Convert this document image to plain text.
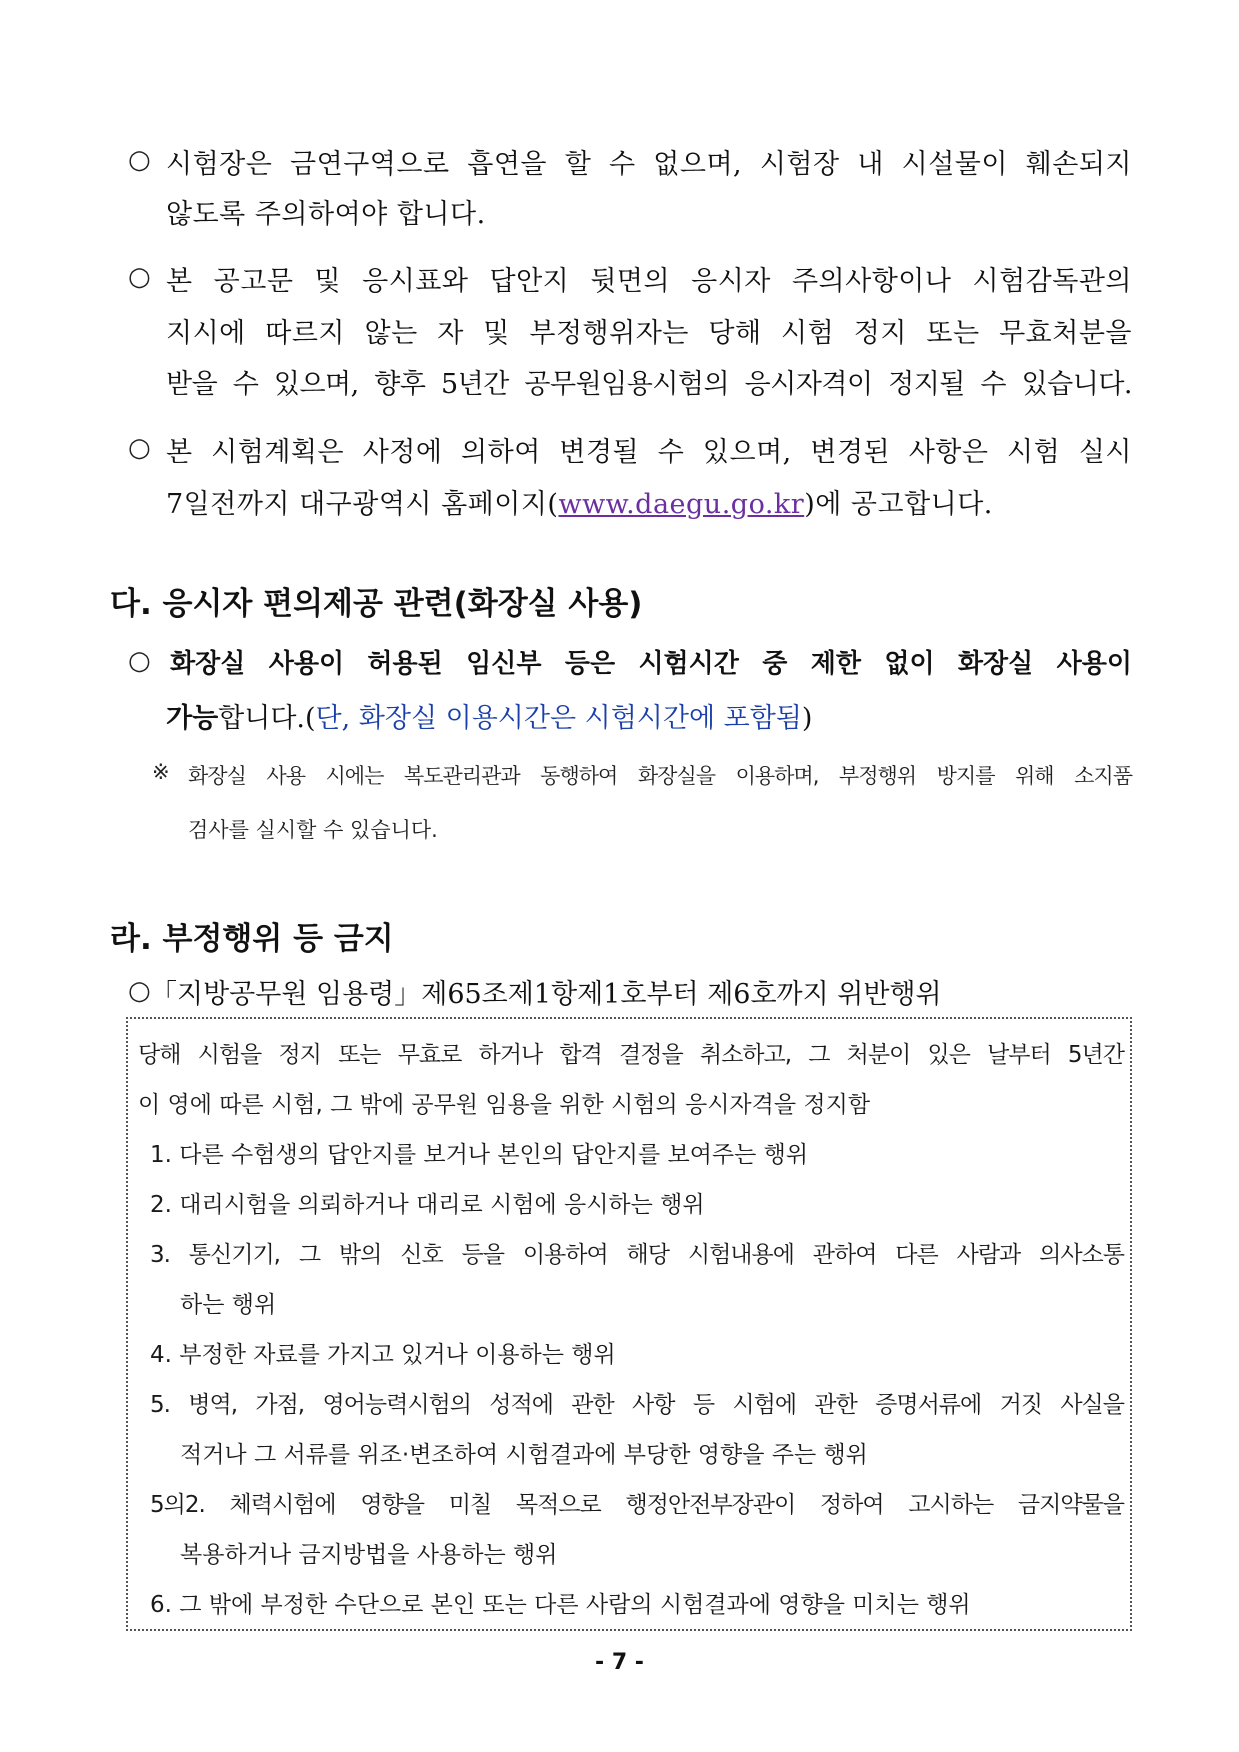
○ 시험장은 금연구역으로 흡연을 할 수 없으며, 시험장 내 시설물이 훼손되지
않도록 주의하여야 합니다.
○ 본 공고문 및 응시표와 답안지 뒷면의 응시자 주의사항이나 시험감독관의
지시에 따르지 않는 자 및 부정행위자는 당해 시험 정지 또는 무효처분을
받을 수 있으며, 향후 5년간 공무원임용시험의 응시자격이 정지될 수 있습니다.
○ 본 시험계획은 사정에 의하여 변경될 수 있으며, 변경된 사항은 시험 실시
7일전까지 대구광역시 홈페이지(www.daegu.go.kr)에 공고합니다.
다. 응시자 편의제공 관련(화장실 사용)
○ 화장실 사용이 허용된 임신부 등은 시험시간 중 제한 없이 화장실 사용이
가능합니다.(단, 화장실 이용시간은 시험시간에 포함됨)
※ 화장실 사용 시에는 복도관리관과 동행하여 화장실을 이용하며, 부정행위 방지를 위해 소지품
검사를 실시할 수 있습니다.
라. 부정행위 등 금지
○ 「지방공무원 임용령」제65조제1항제1호부터 제6호까지 위반행위
당해 시험을 정지 또는 무효로 하거나 합격 결정을 취소하고, 그 처분이 있은 날부터 5년간
이 영에 따른 시험, 그 밖에 공무원 임용을 위한 시험의 응시자격을 정지함
1. 다른 수험생의 답안지를 보거나 본인의 답안지를 보여주는 행위
2. 대리시험을 의뢰하거나 대리로 시험에 응시하는 행위
3. 통신기기, 그 밖의 신호 등을 이용하여 해당 시험내용에 관하여 다른 사람과 의사소통
하는 행위
4. 부정한 자료를 가지고 있거나 이용하는 행위
5. 병역, 가점, 영어능력시험의 성적에 관한 사항 등 시험에 관한 증명서류에 거짓 사실을
적거나 그 서류를 위조·변조하여 시험결과에 부당한 영향을 주는 행위
5의2. 체력시험에 영향을 미칠 목적으로 행정안전부장관이 정하여 고시하는 금지약물을
복용하거나 금지방법을 사용하는 행위
6. 그 밖에 부정한 수단으로 본인 또는 다른 사람의 시험결과에 영향을 미치는 행위
- 7 -
